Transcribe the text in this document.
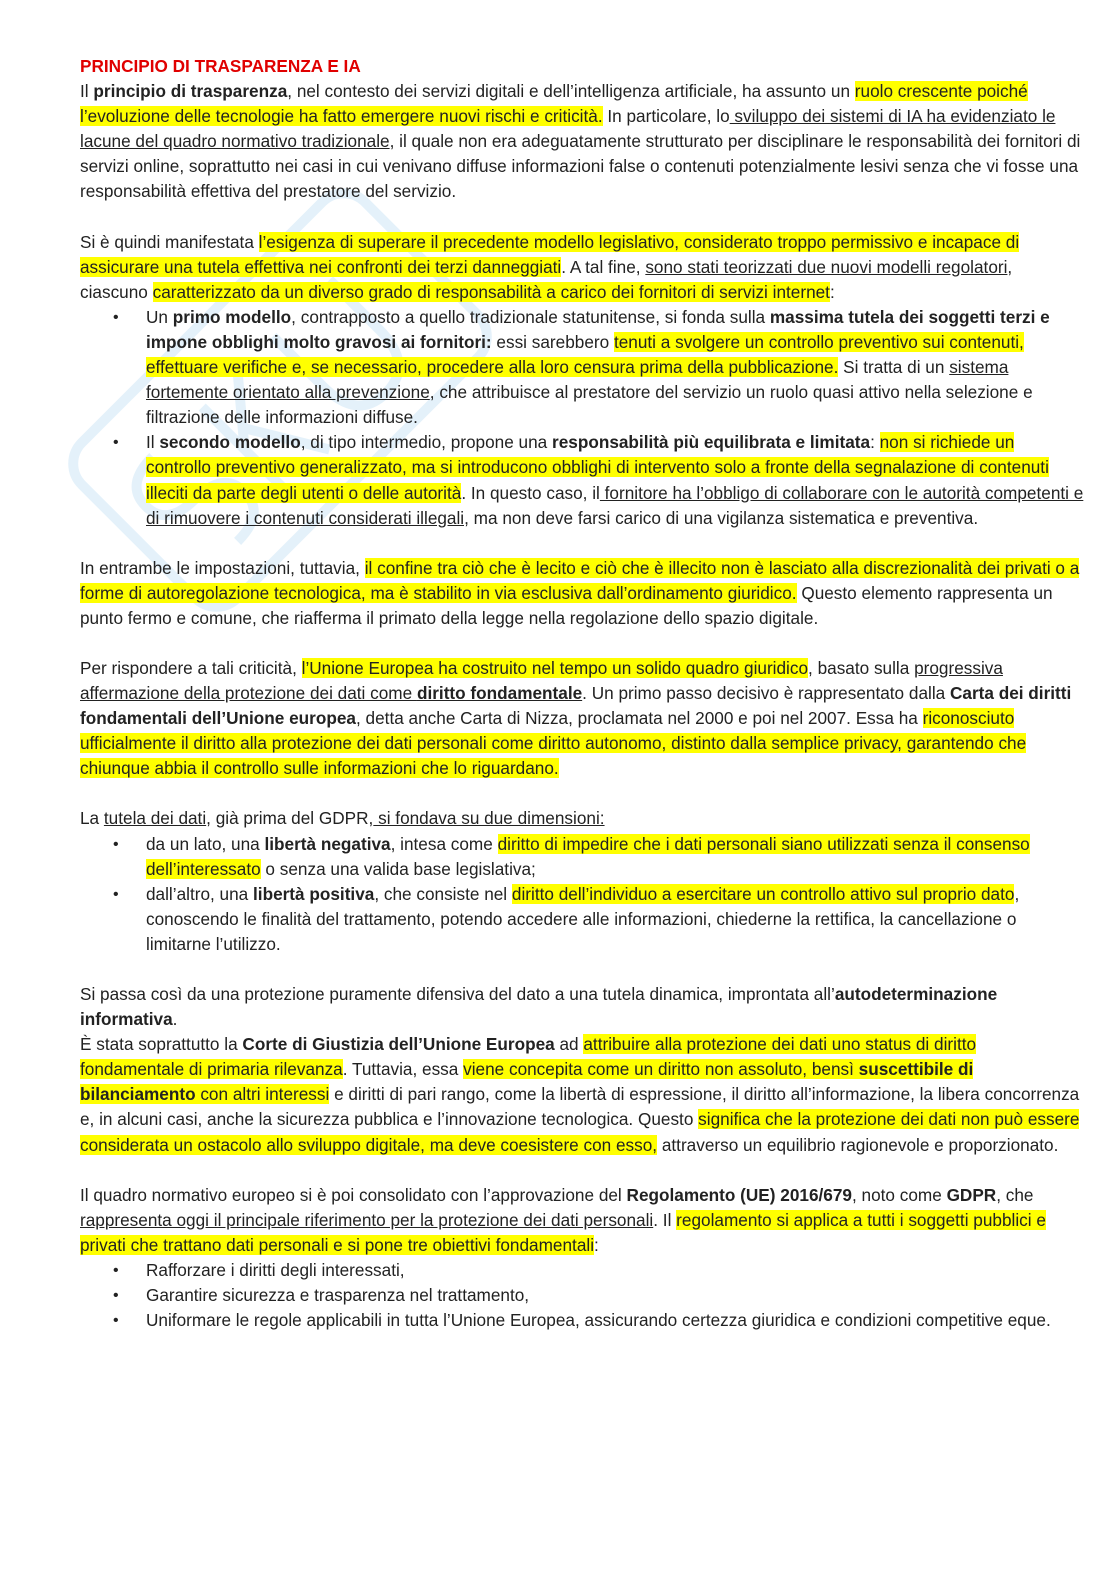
PRINCIPIO DI TRASPARENZA E IA

Il principio di trasparenza, nel contesto dei servizi digitali e dell’intelligenza artificiale, ha assunto un ruolo crescente poiché l’evoluzione delle tecnologie ha fatto emergere nuovi rischi e criticità. In particolare, lo sviluppo dei sistemi di IA ha evidenziato le lacune del quadro normativo tradizionale, il quale non era adeguatamente strutturato per disciplinare le responsabilità dei fornitori di servizi online, soprattutto nei casi in cui venivano diffuse informazioni false o contenuti potenzialmente lesivi senza che vi fosse una responsabilità effettiva del prestatore del servizio.

Si è quindi manifestata l’esigenza di superare il precedente modello legislativo, considerato troppo permissivo e incapace di assicurare una tutela effettiva nei confronti dei terzi danneggiati. A tal fine, sono stati teorizzati due nuovi modelli regolatori, ciascuno caratterizzato da un diverso grado di responsabilità a carico dei fornitori di servizi internet:

• Un primo modello, contrapposto a quello tradizionale statunitense, si fonda sulla massima tutela dei soggetti terzi e impone obblighi molto gravosi ai fornitori: essi sarebbero tenuti a svolgere un controllo preventivo sui contenuti, effettuare verifiche e, se necessario, procedere alla loro censura prima della pubblicazione. Si tratta di un sistema fortemente orientato alla prevenzione, che attribuisce al prestatore del servizio un ruolo quasi attivo nella selezione e filtrazione delle informazioni diffuse.
• Il secondo modello, di tipo intermedio, propone una responsabilità più equilibrata e limitata: non si richiede un controllo preventivo generalizzato, ma si introducono obblighi di intervento solo a fronte della segnalazione di contenuti illeciti da parte degli utenti o delle autorità. In questo caso, il fornitore ha l’obbligo di collaborare con le autorità competenti e di rimuovere i contenuti considerati illegali, ma non deve farsi carico di una vigilanza sistematica e preventiva.

In entrambe le impostazioni, tuttavia, il confine tra ciò che è lecito e ciò che è illecito non è lasciato alla discrezionalità dei privati o a forme di autoregolazione tecnologica, ma è stabilito in via esclusiva dall’ordinamento giuridico. Questo elemento rappresenta un punto fermo e comune, che riafferma il primato della legge nella regolazione dello spazio digitale.

Per rispondere a tali criticità, l’Unione Europea ha costruito nel tempo un solido quadro giuridico, basato sulla progressiva affermazione della protezione dei dati come diritto fondamentale. Un primo passo decisivo è rappresentato dalla Carta dei diritti fondamentali dell’Unione europea, detta anche Carta di Nizza, proclamata nel 2000 e poi nel 2007. Essa ha riconosciuto ufficialmente il diritto alla protezione dei dati personali come diritto autonomo, distinto dalla semplice privacy, garantendo che chiunque abbia il controllo sulle informazioni che lo riguardano.

La tutela dei dati, già prima del GDPR, si fondava su due dimensioni:

• da un lato, una libertà negativa, intesa come diritto di impedire che i dati personali siano utilizzati senza il consenso dell’interessato o senza una valida base legislativa;
• dall’altro, una libertà positiva, che consiste nel diritto dell’individuo a esercitare un controllo attivo sul proprio dato, conoscendo le finalità del trattamento, potendo accedere alle informazioni, chiederne la rettifica, la cancellazione o limitarne l’utilizzo.

Si passa così da una protezione puramente difensiva del dato a una tutela dinamica, improntata all’autodeterminazione informativa.

È stata soprattutto la Corte di Giustizia dell’Unione Europea ad attribuire alla protezione dei dati uno status di diritto fondamentale di primaria rilevanza. Tuttavia, essa viene concepita come un diritto non assoluto, bensì suscettibile di bilanciamento con altri interessi e diritti di pari rango, come la libertà di espressione, il diritto all’informazione, la libera concorrenza e, in alcuni casi, anche la sicurezza pubblica e l’innovazione tecnologica. Questo significa che la protezione dei dati non può essere considerata un ostacolo allo sviluppo digitale, ma deve coesistere con esso, attraverso un equilibrio ragionevole e proporzionato.

Il quadro normativo europeo si è poi consolidato con l’approvazione del Regolamento (UE) 2016/679, noto come GDPR, che rappresenta oggi il principale riferimento per la protezione dei dati personali. Il regolamento si applica a tutti i soggetti pubblici e privati che trattano dati personali e si pone tre obiettivi fondamentali:

• Rafforzare i diritti degli interessati,
• Garantire sicurezza e trasparenza nel trattamento,
• Uniformare le regole applicabili in tutta l’Unione Europea, assicurando certezza giuridica e condizioni competitive eque.
